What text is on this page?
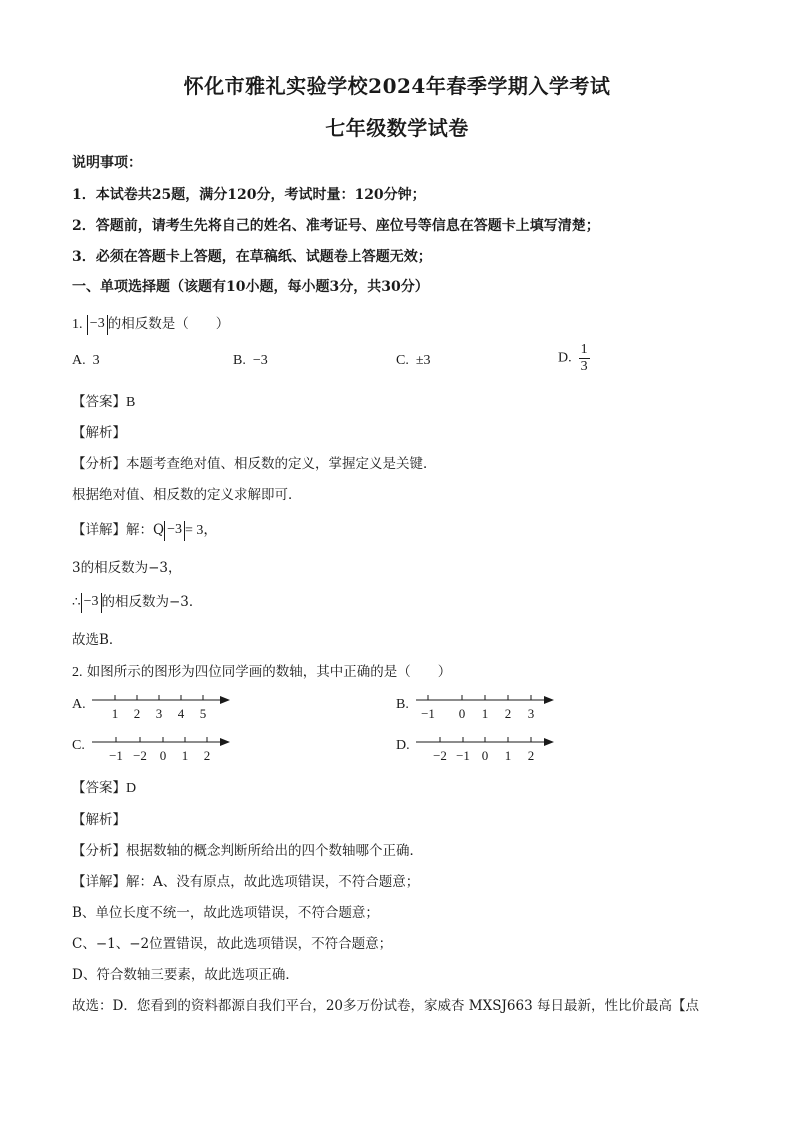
怀化市雅礼实验学校2024年春季学期入学考试
七年级数学试卷
说明事项：
1．本试卷共25题，满分120分，考试时量：120分钟；
2．答题前，请考生先将自己的姓名、准考证号、座位号等信息在答题卡上填写清楚；
3．必须在答题卡上答题，在草稿纸、试题卷上答题无效；
一、单项选择题（该题有10小题，每小题3分，共30分）
1. −3 的相反数是（　　）
A. 3	B. −3	C. ±3	D. $\frac{1}{3}$
【答案】B
【解析】
【分析】本题考查绝对值、相反数的定义，掌握定义是关键．
根据绝对值、相反数的定义求解即可．
【详解】解：Q −3 = 3，
3的相反数为−3，
∴ −3 的相反数为−3．
故选B．
2. 如图所示的图形为四位同学画的数轴，其中正确的是（　　）
A.
1 2 3 4 5
B.
−1 0 1 2 3
C.
−1 −2 0 1 2
D.
−2 −1 0 1 2
【答案】D
【解析】
【分析】根据数轴的概念判断所给出的四个数轴哪个正确．
【详解】解：A、没有原点，故此选项错误，不符合题意；
B、单位长度不统一，故此选项错误，不符合题意；
C、−1、−2位置错误，故此选项错误，不符合题意；
D、符合数轴三要素，故此选项正确．
故选：D．您看到的资料都源自我们平台，20多万份试卷，家威杏 MXSJ663 每日最新，性比价最高【点
